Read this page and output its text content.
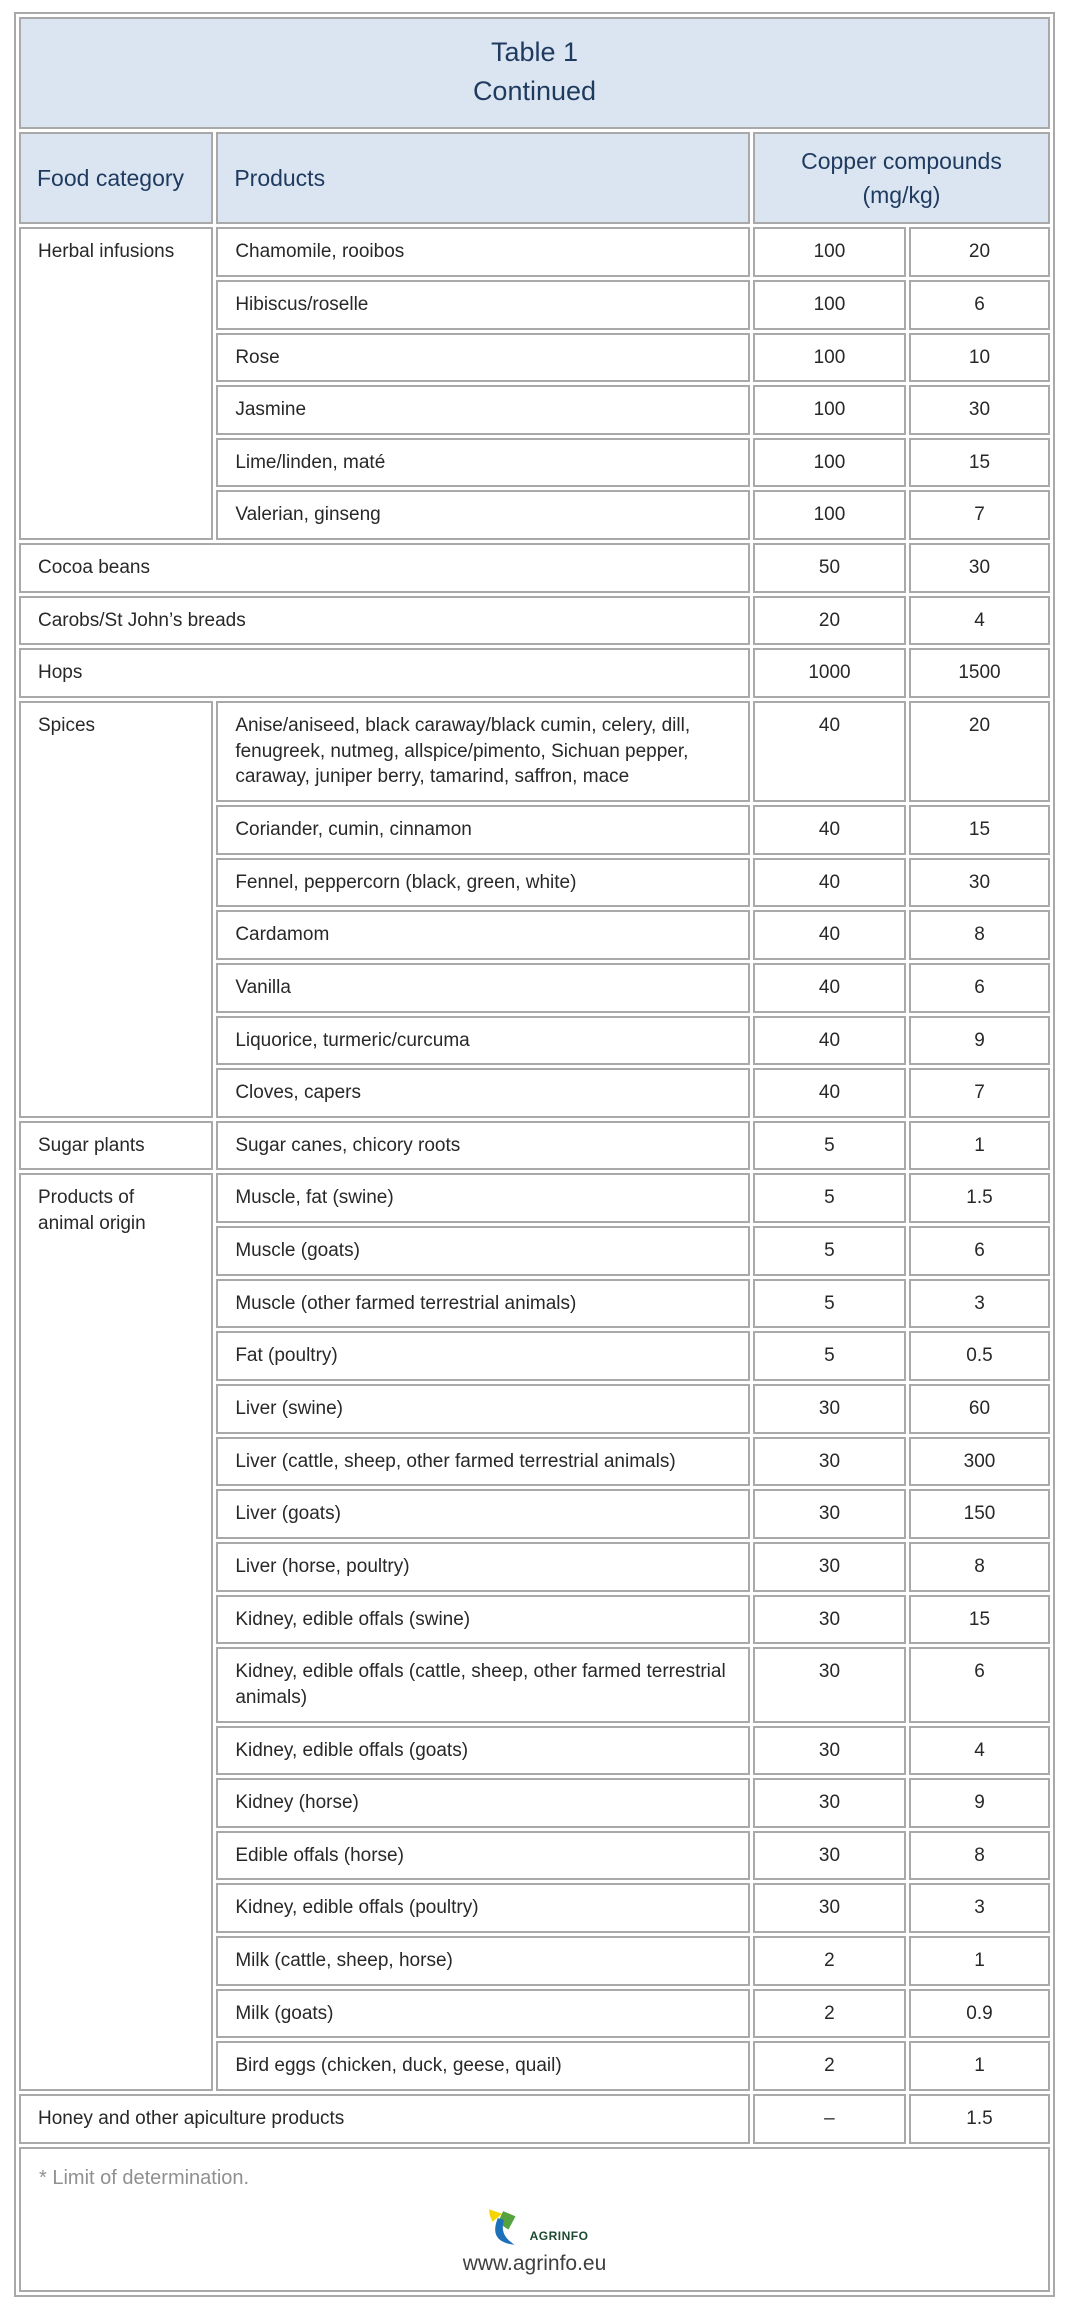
Table 1
Continued			

Food category	Products	Copper compounds (mg/kg)	
Herbal infusions	Chamomile, rooibos	100	20
	Hibiscus/roselle	100	6
	Rose	100	10
	Jasmine	100	30
	Lime/linden, maté	100	15
	Valerian, ginseng	100	7
Cocoa beans		50	30
Carobs/St John’s breads		20	4
Hops		1000	1500
Spices	Anise/aniseed, black caraway/black cumin, celery, dill, fenugreek, nutmeg, allspice/pimento, Sichuan pepper, caraway, juniper berry, tamarind, saffron, mace	40	20
	Coriander, cumin, cinnamon	40	15
	Fennel, peppercorn (black, green, white)	40	30
	Cardamom	40	8
	Vanilla	40	6
	Liquorice, turmeric/curcuma	40	9
	Cloves, capers	40	7
Sugar plants	Sugar canes, chicory roots	5	1
Products of animal origin	Muscle, fat (swine)	5	1.5
	Muscle (goats)	5	6
	Muscle (other farmed terrestrial animals)	5	3
	Fat (poultry)	5	0.5
	Liver (swine)	30	60
	Liver (cattle, sheep, other farmed terrestrial animals)	30	300
	Liver (goats)	30	150
	Liver (horse, poultry)	30	8
	Kidney, edible offals (swine)	30	15
	Kidney, edible offals (cattle, sheep, other farmed terrestrial animals)	30	6
	Kidney, edible offals (goats)	30	4
	Kidney (horse)	30	9
	Edible offals (horse)	30	8
	Kidney, edible offals (poultry)	30	3
	Milk (cattle, sheep, horse)	2	1
	Milk (goats)	2	0.9
	Bird eggs (chicken, duck, geese, quail)	2	1
Honey and other apiculture products		–	1.5

* Limit of determination.

AGRINFO
www.agrinfo.eu			
